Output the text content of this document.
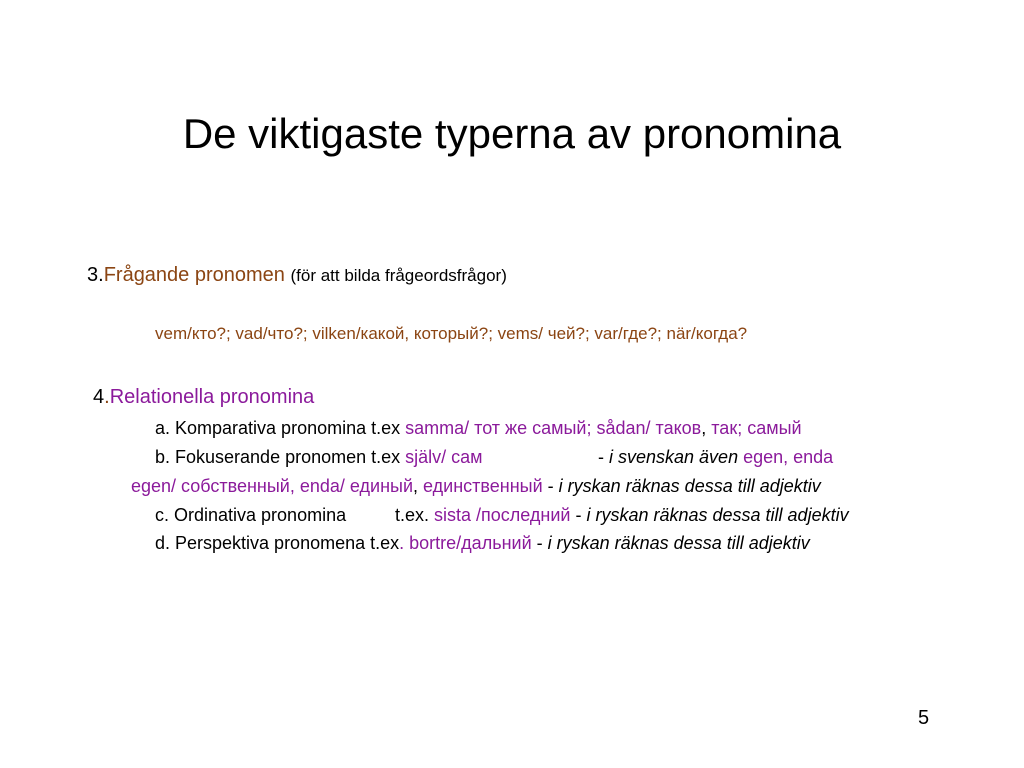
De viktigaste typerna av pronomina
3.Frågande pronomen (för att bilda frågeordsfrågor)
vem/кто?; vad/что?; vilken/какой, который?; vems/ чей?; var/где?; när/когда?
4.Relationella pronomina
a. Komparativa pronomina t.ex samma/ тот же самый; sådan/ таков, так; самый
b. Fokuserande pronomen t.ex själv/ сам	- i svenskan även egen, enda
egen/ собственный, enda/ единый, единственный - i ryskan räknas dessa till adjektiv
c. Ordinativa pronomina	t.ex. sista /последний - i ryskan räknas dessa till adjektiv
d. Perspektiva pronomena t.ex. bortre/дальний - i ryskan räknas dessa till adjektiv
5
